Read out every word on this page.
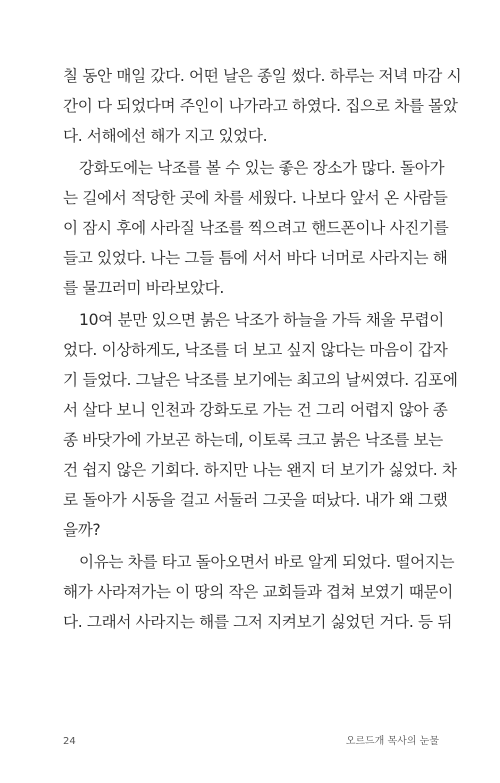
칠 동안 매일 갔다. 어떤 날은 종일 썼다. 하루는 저녁 마감 시
간이 다 되었다며 주인이 나가라고 하였다. 집으로 차를 몰았
다. 서해에선 해가 지고 있었다.
강화도에는 낙조를 볼 수 있는 좋은 장소가 많다. 돌아가
는 길에서 적당한 곳에 차를 세웠다. 나보다 앞서 온 사람들
이 잠시 후에 사라질 낙조를 찍으려고 핸드폰이나 사진기를
들고 있었다. 나는 그들 틈에 서서 바다 너머로 사라지는 해
를 물끄러미 바라보았다.
10여 분만 있으면 붉은 낙조가 하늘을 가득 채울 무렵이
었다. 이상하게도, 낙조를 더 보고 싶지 않다는 마음이 갑자
기 들었다. 그날은 낙조를 보기에는 최고의 날씨였다. 김포에
서 살다 보니 인천과 강화도로 가는 건 그리 어렵지 않아 종
종 바닷가에 가보곤 하는데, 이토록 크고 붉은 낙조를 보는
건 쉽지 않은 기회다. 하지만 나는 왠지 더 보기가 싫었다. 차
로 돌아가 시동을 걸고 서둘러 그곳을 떠났다. 내가 왜 그랬
을까?
이유는 차를 타고 돌아오면서 바로 알게 되었다. 떨어지는
해가 사라져가는 이 땅의 작은 교회들과 겹쳐 보였기 때문이
다. 그래서 사라지는 해를 그저 지켜보기 싫었던 거다. 등 뒤
24	오르드개 목사의 눈물
